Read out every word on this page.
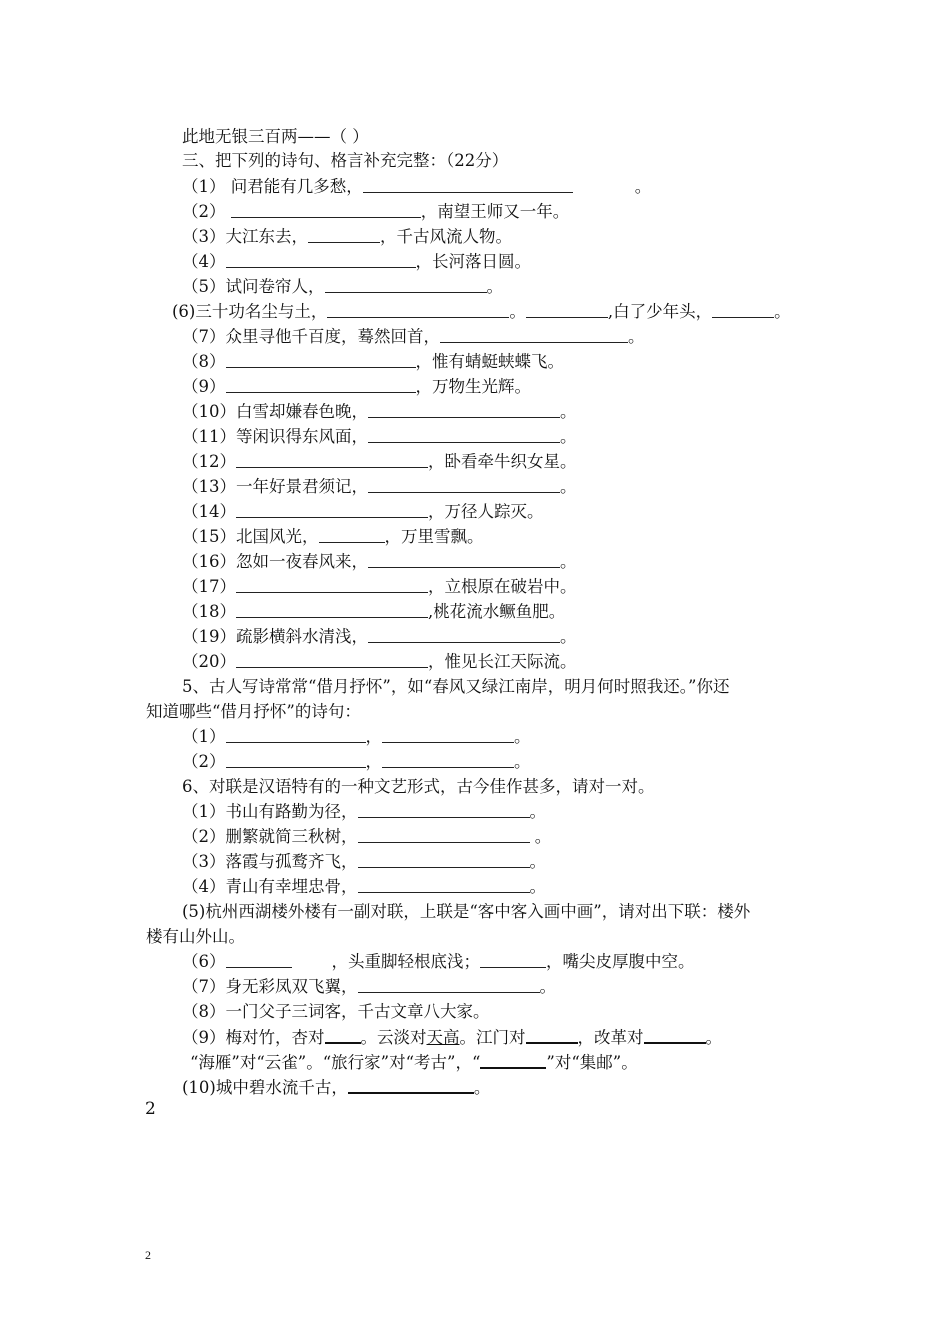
此地无银三百两——（ ）
三、把下列的诗句、格言补充完整：（22分）
（1） 问君能有几多愁，	。
（2）	，南望王师又一年。
（3）大江东去，	，千古风流人物。
（4）	，长河落日圆。
（5）试问卷帘人，	。
(6)三十功名尘与土，	。	,白了少年头，	。
（7）众里寻他千百度，蓦然回首，	。
（8）	，惟有蜻蜓蛱蝶飞。
（9）	，万物生光辉。
（10）白雪却嫌春色晚，	。
（11）等闲识得东风面，	。
（12）	，卧看牵牛织女星。
（13）一年好景君须记，	。
（14）	，万径人踪灭。
（15）北国风光，	，万里雪飘。
（16）忽如一夜春风来，	。
（17）	，立根原在破岩中。
（18）	,桃花流水鳜鱼肥。
（19）疏影横斜水清浅，	。
（20）	，惟见长江天际流。
5、古人写诗常常“借月抒怀”，如“春风又绿江南岸，明月何时照我还。”你还
知道哪些“借月抒怀”的诗句：
（1）	，	。
（2）	，	。
6、对联是汉语特有的一种文艺形式，古今佳作甚多，请对一对。
（1）书山有路勤为径，	。
（2）删繁就简三秋树，	。
（3）落霞与孤鹜齐飞，	。
（4）青山有幸埋忠骨，	。
(5)杭州西湖楼外楼有一副对联，上联是“客中客入画中画”，请对出下联：楼外
楼有山外山。
（6）	，头重脚轻根底浅；	，嘴尖皮厚腹中空。
（7）身无彩凤双飞翼，	。
（8）一门父子三词客，千古文章八大家。
（9）梅对竹，杏对 。云淡对天高。江门对	，改革对	。
“海雁”对“云雀”。“旅行家”对“考古”，“	”对“集邮”。
(10)城中碧水流千古，	。
2
2
